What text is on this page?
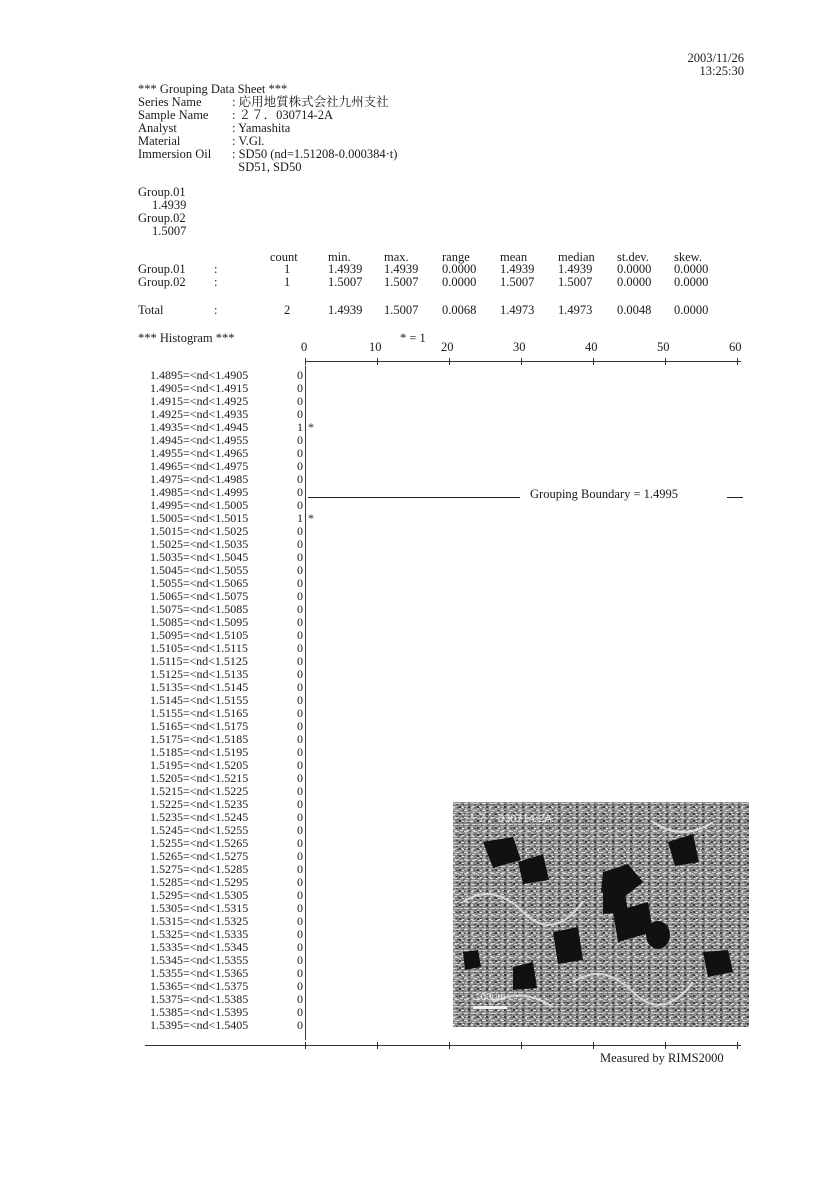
2003/11/26
13:25:30
*** Grouping Data Sheet ***
Series Name : 応用地質株式会社九州支社
Sample Name : ２７．030714-2A
Analyst	: Yamashita
Material	: V.Gl.
Immersion Oil : SD50 (nd=1.51208-0.000384·t)
SD51, SD50
Group.01
1.4939
Group.02
1.5007
count min.	max.	range mean median st.dev. skew.
Group.01 :	1	1.4939 1.4939 0.0000 1.4939 1.4939 0.0000 0.0000
Group.02 :	1	1.5007 1.5007 0.0000 1.5007 1.5007 0.0000 0.0000
Total	:	2	1.4939 1.5007 0.0068 1.4973 1.4973 0.0048 0.0000
*** Histogram ***	* = 1
0	10	20	30	40	50	60
1.4895=<nd<1.4905	0
1.4905=<nd<1.4915	0
1.4915=<nd<1.4925	0
1.4925=<nd<1.4935	0
1.4935=<nd<1.4945	1 *
1.4945=<nd<1.4955	0
1.4955=<nd<1.4965	0
1.4965=<nd<1.4975	0
1.4975=<nd<1.4985	0
1.4985=<nd<1.4995	0
1.4995=<nd<1.5005	0
1.5005=<nd<1.5015	1 *
1.5015=<nd<1.5025	0
1.5025=<nd<1.5035	0
1.5035=<nd<1.5045	0
1.5045=<nd<1.5055	0
1.5055=<nd<1.5065	0
1.5065=<nd<1.5075	0
1.5075=<nd<1.5085	0
1.5085=<nd<1.5095	0
1.5095=<nd<1.5105	0
1.5105=<nd<1.5115	0
1.5115=<nd<1.5125	0
1.5125=<nd<1.5135	0
1.5135=<nd<1.5145	0
1.5145=<nd<1.5155	0
1.5155=<nd<1.5165	0
1.5165=<nd<1.5175	0
1.5175=<nd<1.5185	0
1.5185=<nd<1.5195	0
1.5195=<nd<1.5205	0
1.5205=<nd<1.5215	0
1.5215=<nd<1.5225	0
1.5225=<nd<1.5235	0
1.5235=<nd<1.5245	0
1.5245=<nd<1.5255	0
1.5255=<nd<1.5265	0
1.5265=<nd<1.5275	0
1.5275=<nd<1.5285	0
1.5285=<nd<1.5295	0
1.5295=<nd<1.5305	0
1.5305=<nd<1.5315	0
1.5315=<nd<1.5325	0
1.5325=<nd<1.5335	0
1.5335=<nd<1.5345	0
1.5345=<nd<1.5355	0
1.5355=<nd<1.5365	0
1.5365=<nd<1.5375	0
1.5375=<nd<1.5385	0
1.5385=<nd<1.5395	0
1.5395=<nd<1.5405	0
Grouping Boundary = 1.4995
２７．030714-2A
100μm
Measured by RIMS2000
